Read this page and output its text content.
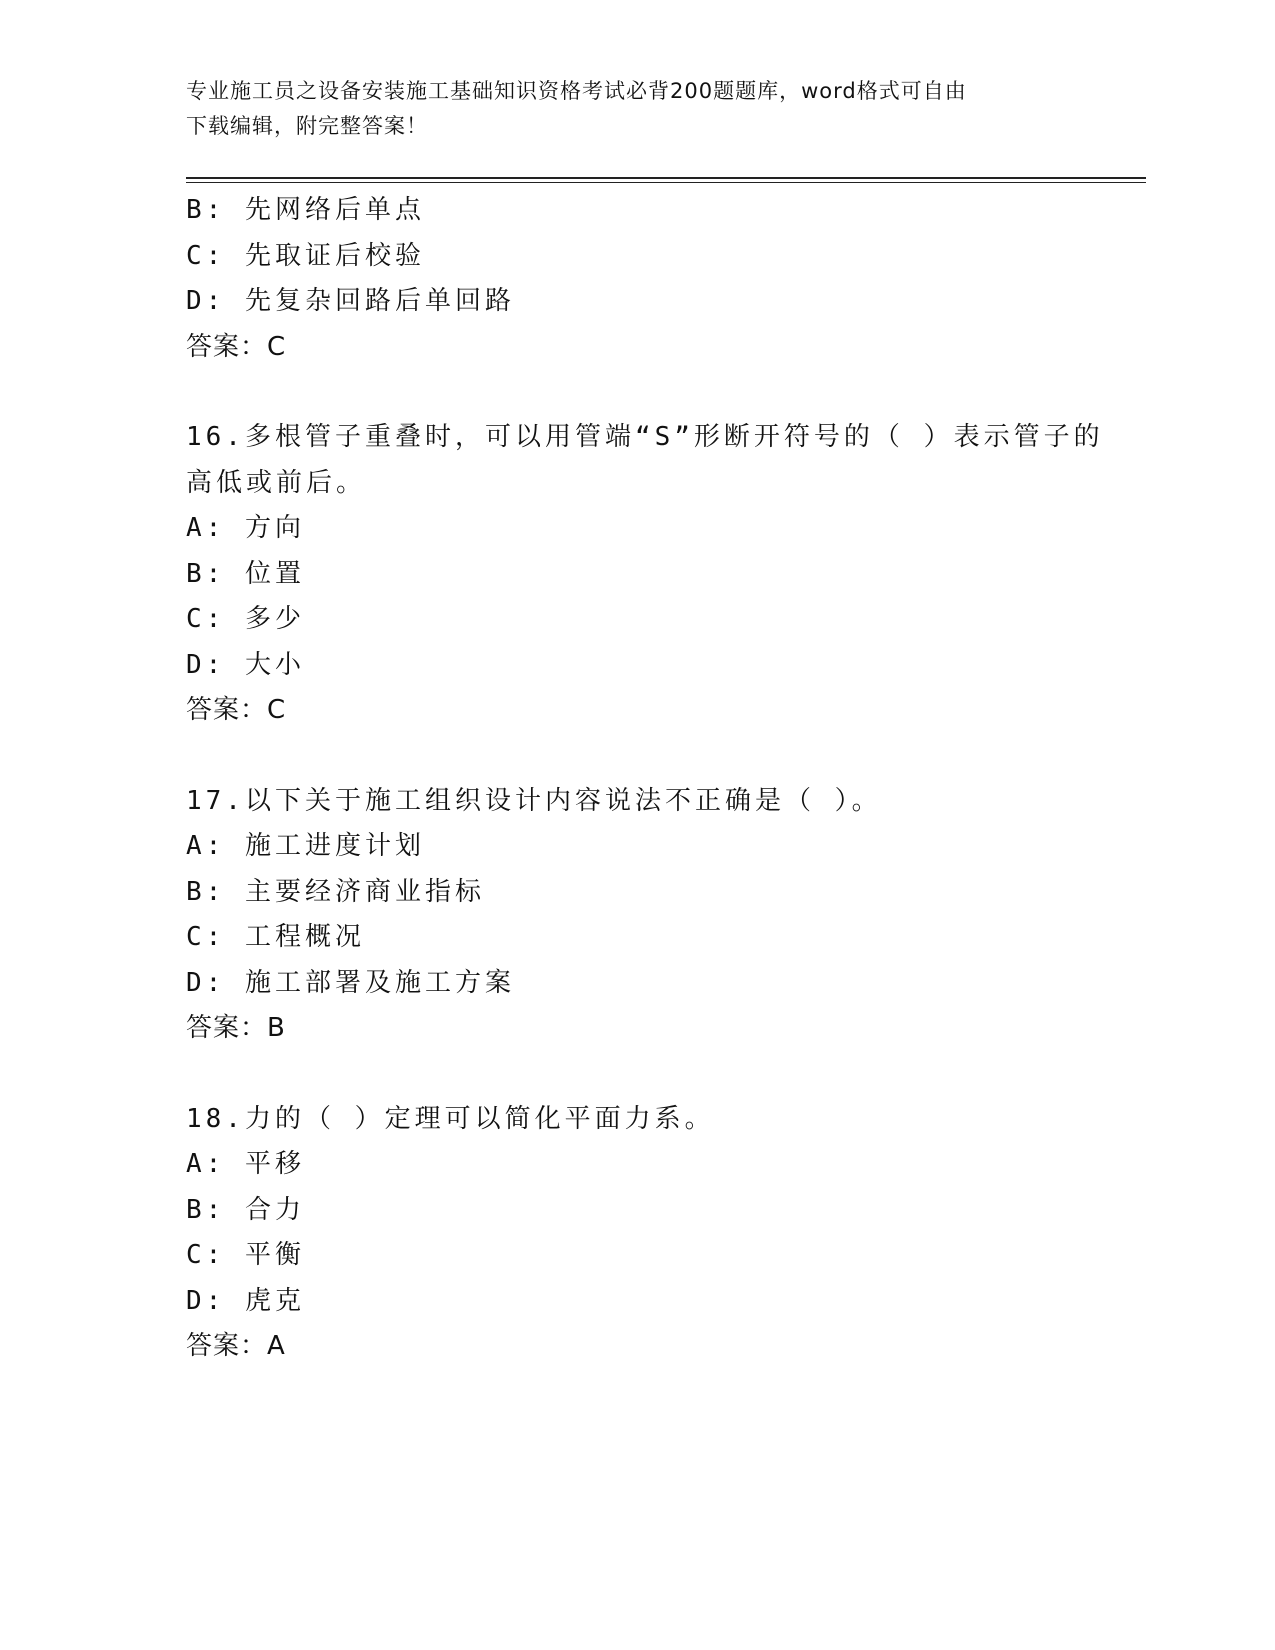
专业施工员之设备安装施工基础知识资格考试必背200题题库，word格式可自由
下载编辑，附完整答案！
B: 先网络后单点
C: 先取证后校验
D: 先复杂回路后单回路
答案：C
16.多根管子重叠时，可以用管端“S”形断开符号的（ ）表示管子的
高低或前后。
A: 方向
B: 位置
C: 多少
D: 大小
答案：C
17.以下关于施工组织设计内容说法不正确是（ ）。
A: 施工进度计划
B: 主要经济商业指标
C: 工程概况
D: 施工部署及施工方案
答案：B
18.力的（ ）定理可以简化平面力系。
A: 平移
B: 合力
C: 平衡
D: 虎克
答案：A
